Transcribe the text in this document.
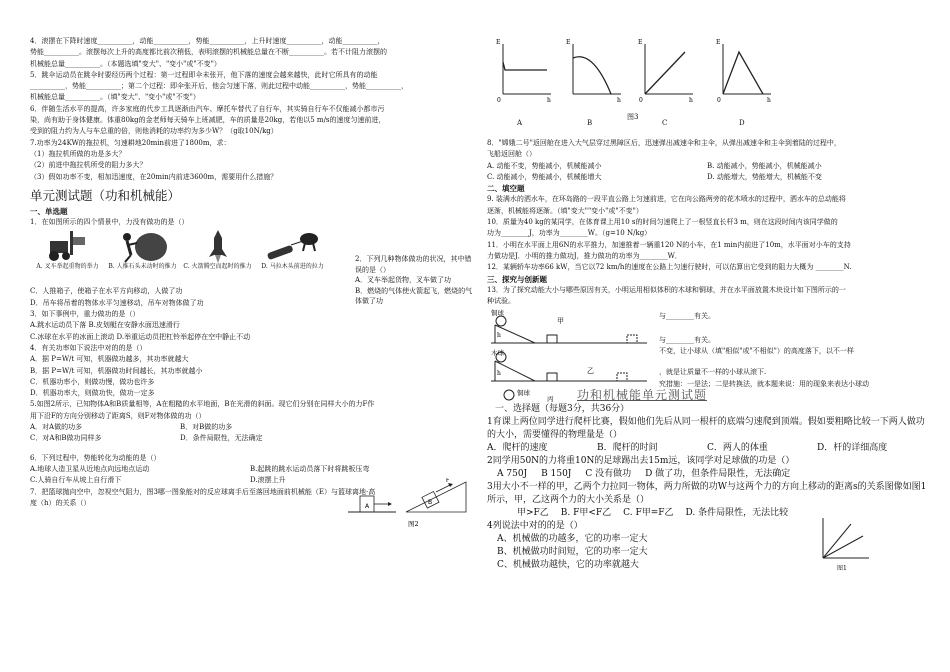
4．滚摆在下降时速度__________，动能__________，势能__________，上升时速度__________，动能__________，

势能__________。滚摆每次上升的高度都比前次稍低，表明滚摆的机械能总量在不断__________。若不计阻力滚摆的

机械能总量__________。（本题选填"变大"、"变小"或"不变"）

5．跳伞运动员在跳伞时要经历两个过程：第一过程即伞未张开，他下落的速度会越来越快，此时它所具有的动能

__________，势能__________；第二个过程：即伞张开后，他会匀速下落，则此过程中动能__________，势能__________，

机械能总量__________。（填"变大"、"变小"或"不变"）

6．伴随生活水平的提高，许多家庭的代步工具逐渐由汽车、摩托车替代了自行车，其实骑自行车不仅能减小都市污

染，尚有助于身体健康。体重80kg的金老师每天骑车上班减肥，车的质量是20kg，若他以5 m/s的速度匀速前进，

受到的阻力约为人与车总重的倍，则他消耗的功率约为多少W？（g取10N/kg）

7.功率为24KW的拖拉机，匀速耕地20min前进了1800m，求：

（1）拖拉机所做的功是多大？

（2）前进中拖拉机所受的阻力多大？

（3）假如功率不变，相加迅速度，在20min内前进3600m，需要用什么措施？

单元测试题（功和机械能）

一、单选题

1．在如图所示的四个情景中，力没有做功的是（）

A. 叉车举起重物的举力	B. 人推石头未动时的推力 C. 火箭腾空而起时的推力	D. 马拉木头前进的拉力

C．人推箱子，使箱子在水平方向移动，人做了功

D．吊车将吊着的物体水平匀速移动，吊车对物体做了功

3．如下事例中，重力做功的是（）

A.跳水运动员下落 B.皮划艇在安静水面迅速滑行

C.冰球在水平的冰面上滚动 D.举重运动员把杠铃举起停在空中静止不动

4．有关功率如下说法中对的的是（）

A．据 P=W/t 可知，机器做功越多，其功率就越大

B．据 P=W/t 可知，机器做功时间越长，其功率就越小

C．机器功率小，则做功慢，做功也许多

D．机器功率大，则做功快，做功一定多

5.如图2所示，已知物体A和B质量相等，A在粗糙的水平地面，B在光滑的斜面。现它们分别在同样大小的力F作

用下沿F的方向分别移动了距离S，则F对物体做的功（）

A．对A做的功多	B．对B做的功多
C．对A和B做功同样多	D．条件局限性，无法确定

6．下列过程中，势能转化为动能的是（）

A.地球人造卫星从近地点向远地点运动	B.起跳的跳水运动员落下时将跳板压弯
C.人骑自行车从坡上自行滑下	D.滚摆上升

7．把篮球抛向空中，忽视空气阻力，图3哪一图象能对的反应球离手后至落回地面前机械能（E）与篮球离地·高

度（h）的关系（）

2．下列几种物体做功的状况，其中错误的是（）

A．叉车举起货物，叉车做了功

B．燃烧的气体使火箭起飞，燃烧的气体做了功

A
B
F
图2
E
0	h
E
h
E
0	h
E
0	h
A	B
图3
C	D

8．"嫦娥二号"返回舱在进入大气层穿过黑障区后，迅速弹出减速伞和主伞，从弹出减速伞和主伞到着陆的过程中，

飞船返回舱（）

A. 动能不变，势能减小，机械能减小	B. 动能减小，势能减小，机械能减小
C. 动能减小，势能减小，机械能增大	D. 动能增大，势能增大，机械能不变

二、填空题

9. 装满水的洒水车，在环岛路的一段平直公路上匀速前进，它在向公路两旁的花木喷水的过程中，洒水车的总动能将

逐渐，机械能将逐渐。（填"变大""变小"或"不变"）

10．质量为40 kg的某同学，在体育课上用10 s的时间匀速爬上了一根竖直长杆3 m，则在这段时间内该同学做的

功为________J，功率为________W。（g=10 N/kg）

11．小明在水平面上用6N的水平推力，加速推着一辆重120 N的小车，在1 min内前进了10m，水平面对小车的支持

力做功是J．小明的推力做功J，推力做功的功率为________W．

12．某辆轿车功率66 kW，当它以72 km/h的速度在公路上匀速行驶时，可以估算出它受到的阻力大概为 ________N.

三、探究与创新题

13．为了探究动能大小与哪些原因有关，小明运用相似体积的木球和铜球，并在水平面放置木块设计如下图所示的一

种试验。

铜球
h
甲
木球
h	乙
铜球
丙

与________有关。

与________有关。

不变，让小球从（填"相似"或"不相似"）的高度落下，以不一样

，就是让质量不一样的小球从滚下.

究措施：一是法；二是转换法，就本题来说：用的现象来表达小球动

功和机械能单元测试题

一、选择题（每题3分，共36分）

1育课上两位同学进行爬杆比赛，假如他们先后从同一根杆的底端匀速爬到顶端。假如要粗略比较一下两人做功的大小，需要懂得的物理量是（）

A．爬杆的速度	B．爬杆的时间	C．两人的体重	D．杆的详细高度

2同学用50N的力将重10N的足球踢出去15m远，该同学对足球做的功是（）

A 750J B 150J C 没有做功 D 做了功，但条件局限性，无法确定

3用大小不一样的甲，乙两个力拉同一物体，两力所做的功W与这两个力的方向上移动的距离s的关系图像如图1所示，甲，乙这两个力的大小关系是（）

甲>F乙 B. F甲<F乙 C. F甲=F乙 D. 条件局限性，无法比较

4列说法中对的的是（）

A、机械做的功越多，它的功率一定大

B、机械做功时间短，它的功率一定大

C、机械做功越快，它的功率就越大	图1
